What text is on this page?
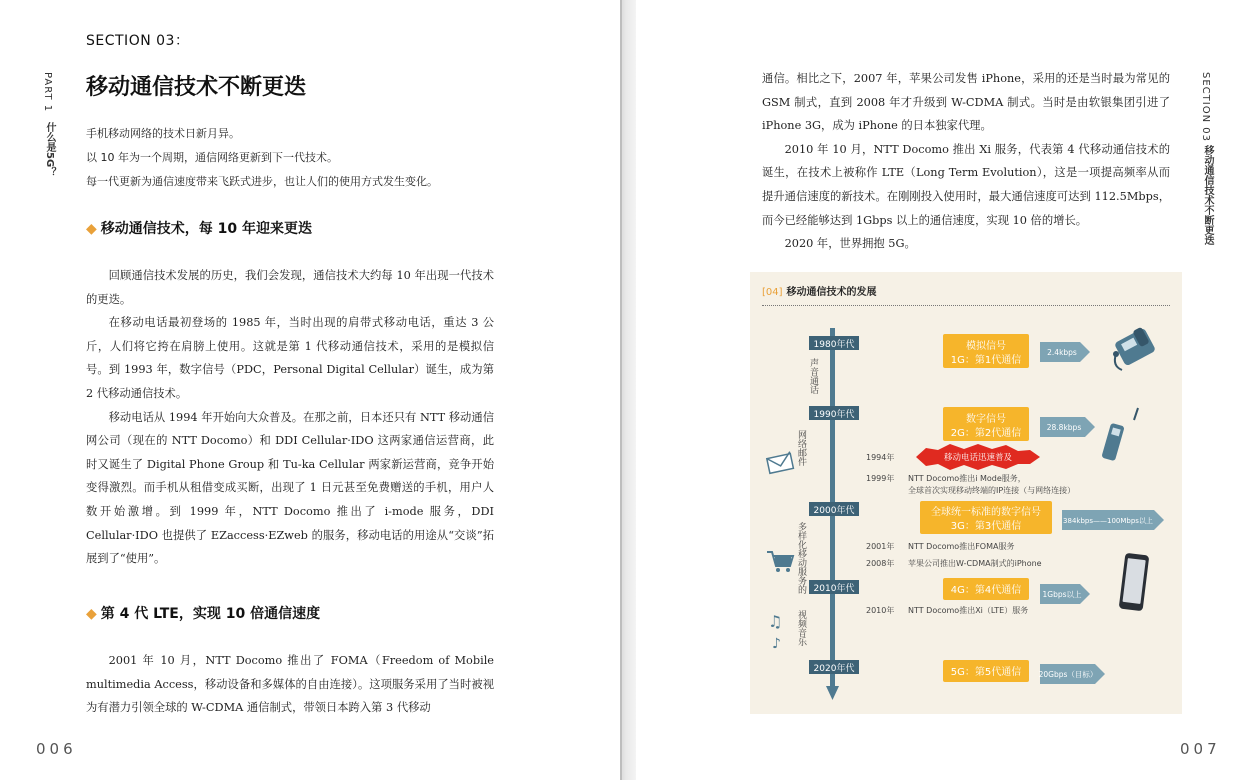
SECTION 03：
移动通信技术不断更迭
PART 1
什么是5G？	手机移动网络的技术日新月异。
以 10 年为一个周期，通信网络更新到下一代技术。
每一代更新为通信速度带来飞跃式进步，也让人们的使用方式发生变化。
◆ 移动通信技术，每 10 年迎来更迭

回顾通信技术发展的历史，我们会发现，通信技术大约每 10 年出现一代技术的更迭。

在移动电话最初登场的 1985 年，当时出现的肩带式移动电话，重达 3 公斤，人们将它挎在肩膀上使用。这就是第 1 代移动通信技术，采用的是模拟信号。到 1993 年，数字信号（PDC，Personal Digital Cellular）诞生，成为第 2 代移动通信技术。

移动电话从 1994 年开始向大众普及。在那之前，日本还只有 NTT 移动通信网公司（现在的 NTT Docomo）和 DDI Cellular·IDO 这两家通信运营商，此时又诞生了 Digital Phone Group 和 Tu-ka Cellular 两家新运营商，竞争开始变得激烈。而手机从租借变成买断，出现了 1 日元甚至免费赠送的手机，用户人数开始激增。到 1999 年，NTT Docomo 推出了 i-mode 服务，DDI Cellular·IDO 也提供了 EZaccess·EZweb 的服务，移动电话的用途从“交谈”拓展到了“使用”。

◆ 第 4 代 LTE，实现 10 倍通信速度

2001 年 10 月，NTT Docomo 推出了 FOMA（Freedom of Mobile multimedia Access，移动设备和多媒体的自由连接）。这项服务采用了当时被视为有潜力引领全球的 W-CDMA 通信制式，带领日本跨入第 3 代移动

006
SECTION 03
移动通信技术不断更迭

通信。相比之下，2007 年，苹果公司发售 iPhone，采用的还是当时最为常见的 GSM 制式，直到 2008 年才升级到 W-CDMA 制式。当时是由软银集团引进了 iPhone 3G，成为 iPhone 的日本独家代理。

2010 年 10 月，NTT Docomo 推出 Xi 服务，代表第 4 代移动通信技术的诞生，在技术上被称作 LTE（Long Term Evolution），这是一项提高频率从而提升通信速度的新技术。在刚刚投入使用时，最大通信速度可达到 112.5Mbps，而今已经能够达到 1Gbps 以上的通信速度，实现 10 倍的增长。

2020 年，世界拥抱 5G。

[04] 移动通信技术的发展
1980年代
1990年代
2000年代
2010年代
2020年代
声音通话
网络邮件
多样化移动服务的
视频音乐
♫
♪
模拟信号
1G：第1代通信
数字信号
2G：第2代通信
全球统一标准的数字信号
3G：第3代通信
4G：第4代通信
5G：第5代通信
2.4kbps
28.8kbps
384kbps——100Mbps以上
1Gbps以上
20Gbps（目标）
1994年	移动电话迅速普及
1999年 NTT Docomo推出i Mode服务，
全球首次实现移动终端的IP连接（与网络连接）
2001年 NTT Docomo推出FOMA服务
2008年 苹果公司推出W-CDMA制式的iPhone
2010年 NTT Docomo推出Xi（LTE）服务
007
